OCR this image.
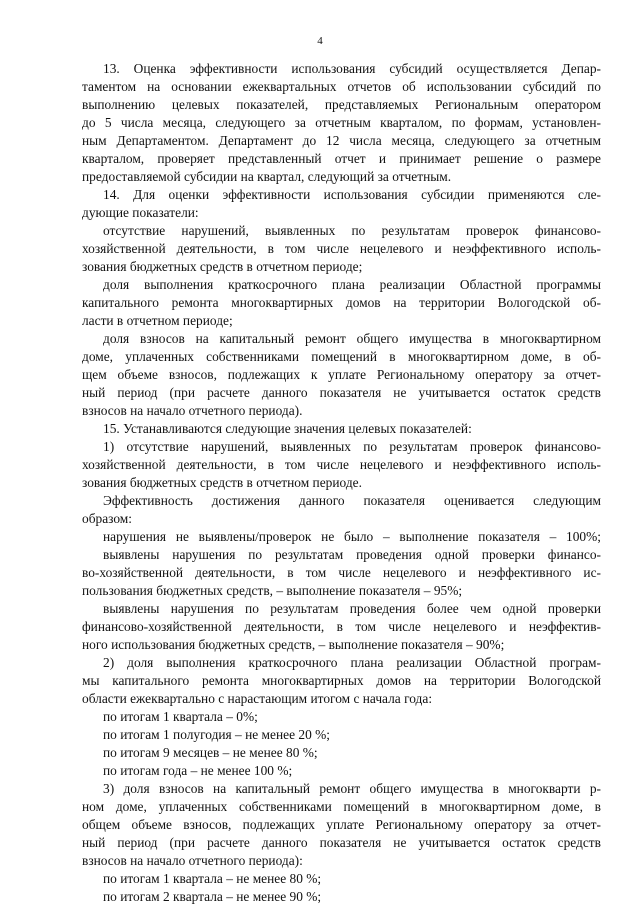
4
13. Оценка эффективности использования субсидий осуществляется Депар-
таментом на основании ежеквартальных отчетов об использовании субсидий по
выполнению целевых показателей, представляемых Региональным оператором
до 5 числа месяца, следующего за отчетным кварталом, по формам, установлен-
ным Департаментом. Департамент до 12 числа месяца, следующего за отчетным
кварталом, проверяет представленный отчет и принимает решение о размере
предоставляемой субсидии на квартал, следующий за отчетным.
14. Для оценки эффективности использования субсидии применяются сле-
дующие показатели:
отсутствие нарушений, выявленных по результатам проверок финансово-
хозяйственной деятельности, в том числе нецелевого и неэффективного исполь-
зования бюджетных средств в отчетном периоде;
доля выполнения краткосрочного плана реализации Областной программы
капитального ремонта многоквартирных домов на территории Вологодской об-
ласти в отчетном периоде;
доля взносов на капитальный ремонт общего имущества в многоквартирном
доме, уплаченных собственниками помещений в многоквартирном доме, в об-
щем объеме взносов, подлежащих к уплате Региональному оператору за отчет-
ный период (при расчете данного показателя не учитывается остаток средств
взносов на начало отчетного периода).
15. Устанавливаются следующие значения целевых показателей:
1) отсутствие нарушений, выявленных по результатам проверок финансово-
хозяйственной деятельности, в том числе нецелевого и неэффективного исполь-
зования бюджетных средств в отчетном периоде.
Эффективность достижения данного показателя оценивается следующим
образом:
нарушения не выявлены/проверок не было – выполнение показателя – 100%;
выявлены нарушения по результатам проведения одной проверки финансо-
во-хозяйственной деятельности, в том числе нецелевого и неэффективного ис-
пользования бюджетных средств, – выполнение показателя – 95%;
выявлены нарушения по результатам проведения более чем одной проверки
финансово-хозяйственной деятельности, в том числе нецелевого и неэффектив-
ного использования бюджетных средств, – выполнение показателя – 90%;
2) доля выполнения краткосрочного плана реализации Областной програм-
мы капитального ремонта многоквартирных домов на территории Вологодской
области ежеквартально с нарастающим итогом с начала года:
по итогам 1 квартала – 0%;
по итогам 1 полугодия – не менее 20 %;
по итогам 9 месяцев – не менее 80 %;
по итогам года – не менее 100 %;
3) доля взносов на капитальный ремонт общего имущества в многокварти р-
ном доме, уплаченных собственниками помещений в многоквартирном доме, в
общем объеме взносов, подлежащих уплате Региональному оператору за отчет-
ный период (при расчете данного показателя не учитывается остаток средств
взносов на начало отчетного периода):
по итогам 1 квартала – не менее 80 %;
по итогам 2 квартала – не менее 90 %;
